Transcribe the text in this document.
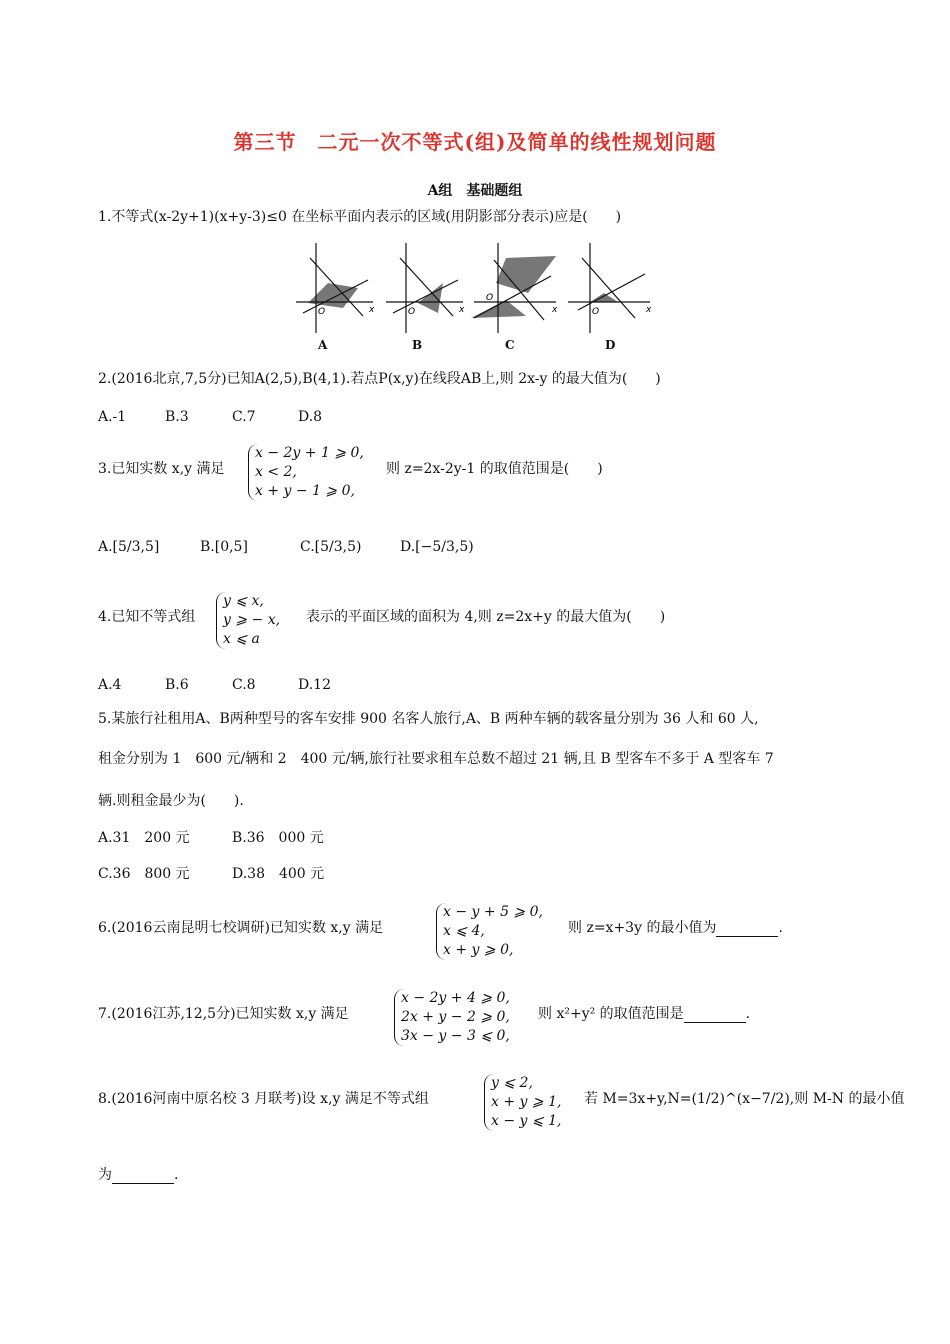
第三节　二元一次不等式(组)及简单的线性规划问题
A组　基础题组
1.不等式(x-2y+1)(x+y-3)≤0 在坐标平面内表示的区域(用阴影部分表示)应是(　　)
O	x	O	x
O
x	O	x
A	B	C	D
2.(2016北京,7,5分)已知A(2,5),B(4,1).若点P(x,y)在线段AB上,则 2x-y 的最大值为(　　)
A.-1	B.3	C.7	D.8
3.已知实数 x,y 满足
x − 2y + 1 ⩾ 0,
x < 2,
x + y − 1 ⩾ 0,
则 z=2x-2y-1 的取值范围是(　　)
A.[5/3,5]	B.[0,5]	C.[5/3,5)	D.[−5/3,5)
4.已知不等式组
y ⩽ x,
y ⩾ − x,
x ⩽ a
表示的平面区域的面积为 4,则 z=2x+y 的最大值为(　　)
A.4	B.6	C.8	D.12
5.某旅行社租用A、B两种型号的客车安排 900 名客人旅行,A、B 两种车辆的载客量分别为 36 人和 60 人,
租金分别为 1　600 元/辆和 2　400 元/辆,旅行社要求租车总数不超过 21 辆,且 B 型客车不多于 A 型客车 7
辆.则租金最少为(　　).
A.31　200 元	B.36　000 元
C.36　800 元	D.38　400 元
6.(2016云南昆明七校调研)已知实数 x,y 满足
x − y + 5 ⩾ 0,
x ⩽ 4,
x + y ⩾ 0,
则 z=x+3y 的最小值为	.
7.(2016江苏,12,5分)已知实数 x,y 满足
x − 2y + 4 ⩾ 0,
2x + y − 2 ⩾ 0,
3x − y − 3 ⩽ 0,
则 x²+y² 的取值范围是	.
8.(2016河南中原名校 3 月联考)设 x,y 满足不等式组
y ⩽ 2,
x + y ⩾ 1,
x − y ⩽ 1,
若 M=3x+y,N=(1/2)^(x−7/2),则 M-N 的最小值
为	.
